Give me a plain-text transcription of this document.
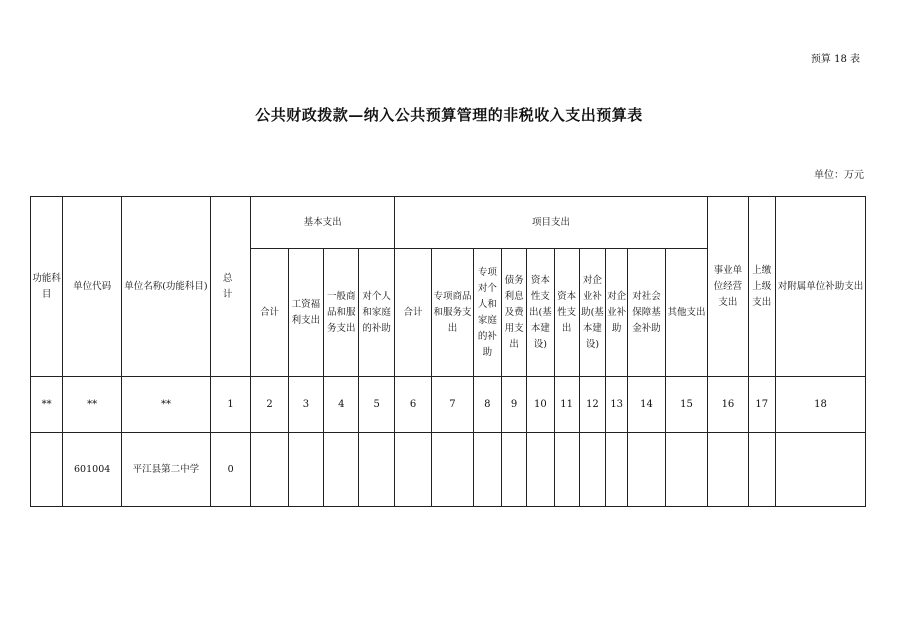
预算 18 表
公共财政拨款—纳入公共预算管理的非税收入支出预算表
单位：万元
功能科目	单位代码	单位名称(功能科目)	总 计	基本支出				项目支出										事业单位经营支出	上缴上级支出	对附属单位补助支出
				合计	工资福利支出	一般商品和服务支出	对个人和家庭的补助	合计	专项商品和服务支出	专项对个人和家庭的补助	债务利息及费用支出	资本性支出(基本建设)	资本性支出	对企业补助(基本建设)	对企业补助	对社会保障基金补助	其他支出			
**	**	**	1	2	3	4	5	6	7	8	9	10	11	12	13	14	15	16	17	18
	601004	平江县第二中学	0																	
